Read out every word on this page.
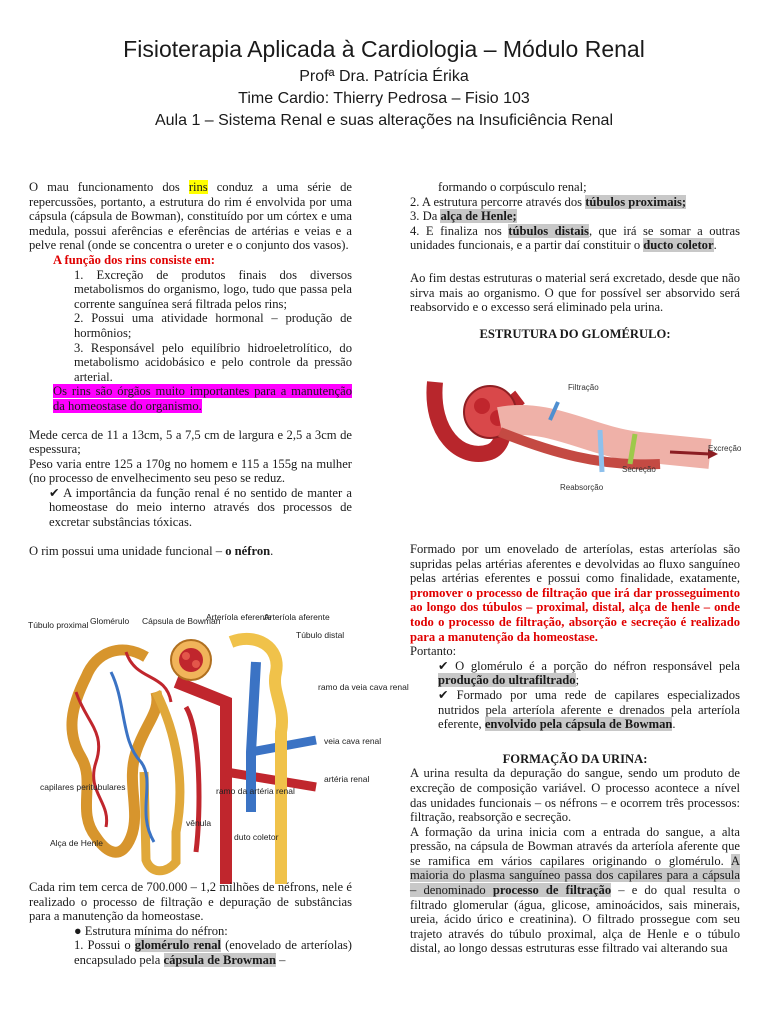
Fisioterapia Aplicada à Cardiologia – Módulo Renal
Profª Dra. Patrícia Érika
Time Cardio: Thierry Pedrosa – Fisio 103
Aula 1 – Sistema Renal e suas alterações na Insuficiência Renal

O mau funcionamento dos rins conduz a uma série de repercussões, portanto, a estrutura do rim é envolvida por uma cápsula (cápsula de Bowman), constituído por um córtex e uma medula, possui aferências e eferências de artérias e veias e a pelve renal (onde se concentra o ureter e o conjunto dos vasos).

A função dos rins consiste em:

1. Excreção de produtos finais dos diversos metabolismos do organismo, logo, tudo que passa pela corrente sanguínea será filtrada pelos rins;

2. Possui uma atividade hormonal – produção de hormônios;

3. Responsável pelo equilíbrio hidroeletrolítico, do metabolismo acidobásico e pelo controle da pressão arterial.

Os rins são órgãos muito importantes para a manutenção da homeostase do organismo.

Mede cerca de 11 a 13cm, 5 a 7,5 cm de largura e 2,5 a 3cm de espessura;

Peso varia entre 125 a 170g no homem e 115 a 155g na mulher (no processo de envelhecimento seu peso se reduz.

✔ A importância da função renal é no sentido de manter a homeostase do meio interno através dos processos de excretar substâncias tóxicas.

O rim possui uma unidade funcional – o néfron.

Túbulo proximal Glomérulo Cápsula de Bowman
Arteríola eferente
Arteríola aferente
Túbulo distal
ramo da veia cava renal
veia cava renal
artéria renal
capilares peritubulares	ramo da artéria renal
vênula
duto coletor
Alça de Henle

Cada rim tem cerca de 700.000 – 1,2 milhões de néfrons, nele é realizado o processo de filtração e depuração de substâncias para a manutenção da homeostase.

● Estrutura mínima do néfron:

1. Possui o glomérulo renal (enovelado de arteríolas) encapsulado pela cápsula de Browman –

formando o corpúsculo renal;

2. A estrutura percorre através dos túbulos proximais;

3. Da alça de Henle;

4. E finaliza nos túbulos distais, que irá se somar a outras unidades funcionais, e a partir daí constituir o ducto coletor.

Ao fim destas estruturas o material será excretado, desde que não sirva mais ao organismo. O que for possível ser absorvido será reabsorvido e o excesso será eliminado pela urina.

ESTRUTURA DO GLOMÉRULO:

Filtração
Excreção
Secreção
Reabsorção

Formado por um enovelado de arteríolas, estas arteríolas são supridas pelas artérias aferentes e devolvidas ao fluxo sanguíneo pelas artérias eferentes e possui como finalidade, exatamente, promover o processo de filtração que irá dar prosseguimento ao longo dos túbulos – proximal, distal, alça de henle – onde todo o processo de filtração, absorção e secreção é realizado para a manutenção da homeostase.

Portanto:

✔ O glomérulo é a porção do néfron responsável pela produção do ultrafiltrado;

✔ Formado por uma rede de capilares especializados nutridos pela arteríola aferente e drenados pela arteríola eferente, envolvido pela cápsula de Bowman.

FORMAÇÃO DA URINA:

A urina resulta da depuração do sangue, sendo um produto de excreção de composição variável. O processo acontece a nível das unidades funcionais – os néfrons – e ocorrem três processos: filtração, reabsorção e secreção.

A formação da urina inicia com a entrada do sangue, a alta pressão, na cápsula de Bowman através da arteríola aferente que se ramifica em vários capilares originando o glomérulo. A maioria do plasma sanguíneo passa dos capilares para a cápsula – denominado processo de filtração – e do qual resulta o filtrado glomerular (água, glicose, aminoácidos, sais minerais, ureia, ácido úrico e creatinina). O filtrado prossegue com seu trajeto através do túbulo proximal, alça de Henle e o túbulo distal, ao longo dessas estruturas esse filtrado vai alterando sua
